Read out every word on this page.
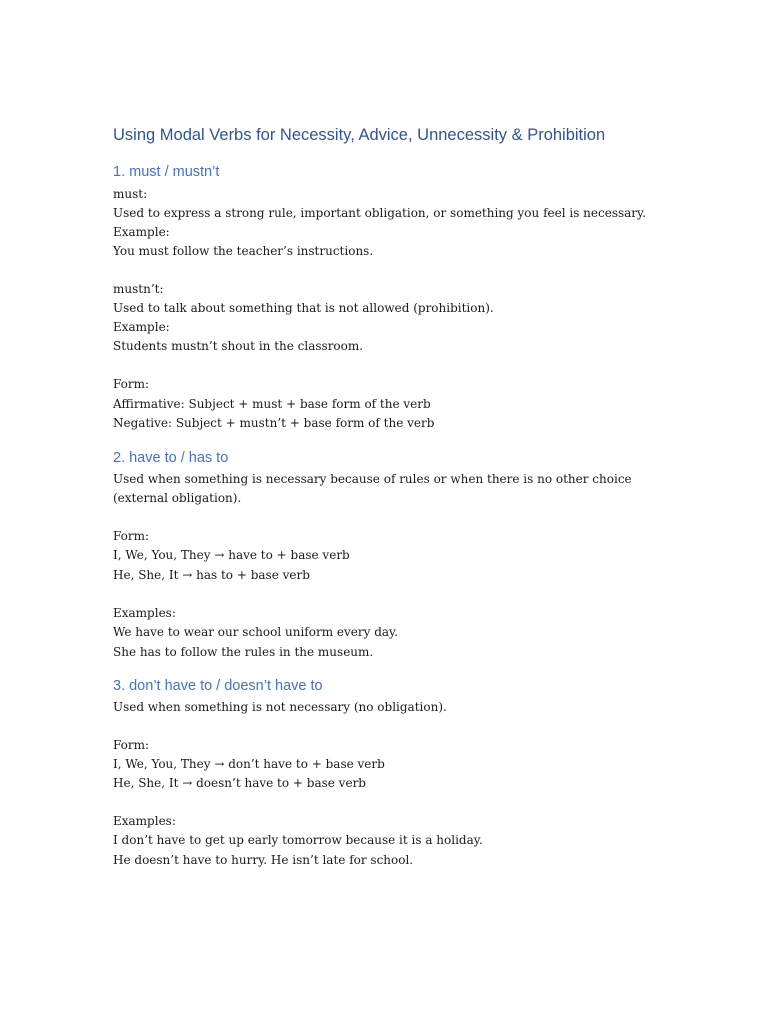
Using Modal Verbs for Necessity, Advice, Unnecessity & Prohibition
1. must / mustn’t
must:
Used to express a strong rule, important obligation, or something you feel is necessary.
Example:
You must follow the teacher’s instructions.
mustn’t:
Used to talk about something that is not allowed (prohibition).
Example:
Students mustn’t shout in the classroom.
Form:
Affirmative: Subject + must + base form of the verb
Negative: Subject + mustn’t + base form of the verb
2. have to / has to
Used when something is necessary because of rules or when there is no other choice
(external obligation).
Form:
I, We, You, They → have to + base verb
He, She, It → has to + base verb
Examples:
We have to wear our school uniform every day.
She has to follow the rules in the museum.
3. don’t have to / doesn’t have to
Used when something is not necessary (no obligation).
Form:
I, We, You, They → don’t have to + base verb
He, She, It → doesn’t have to + base verb
Examples:
I don’t have to get up early tomorrow because it is a holiday.
He doesn’t have to hurry. He isn’t late for school.
